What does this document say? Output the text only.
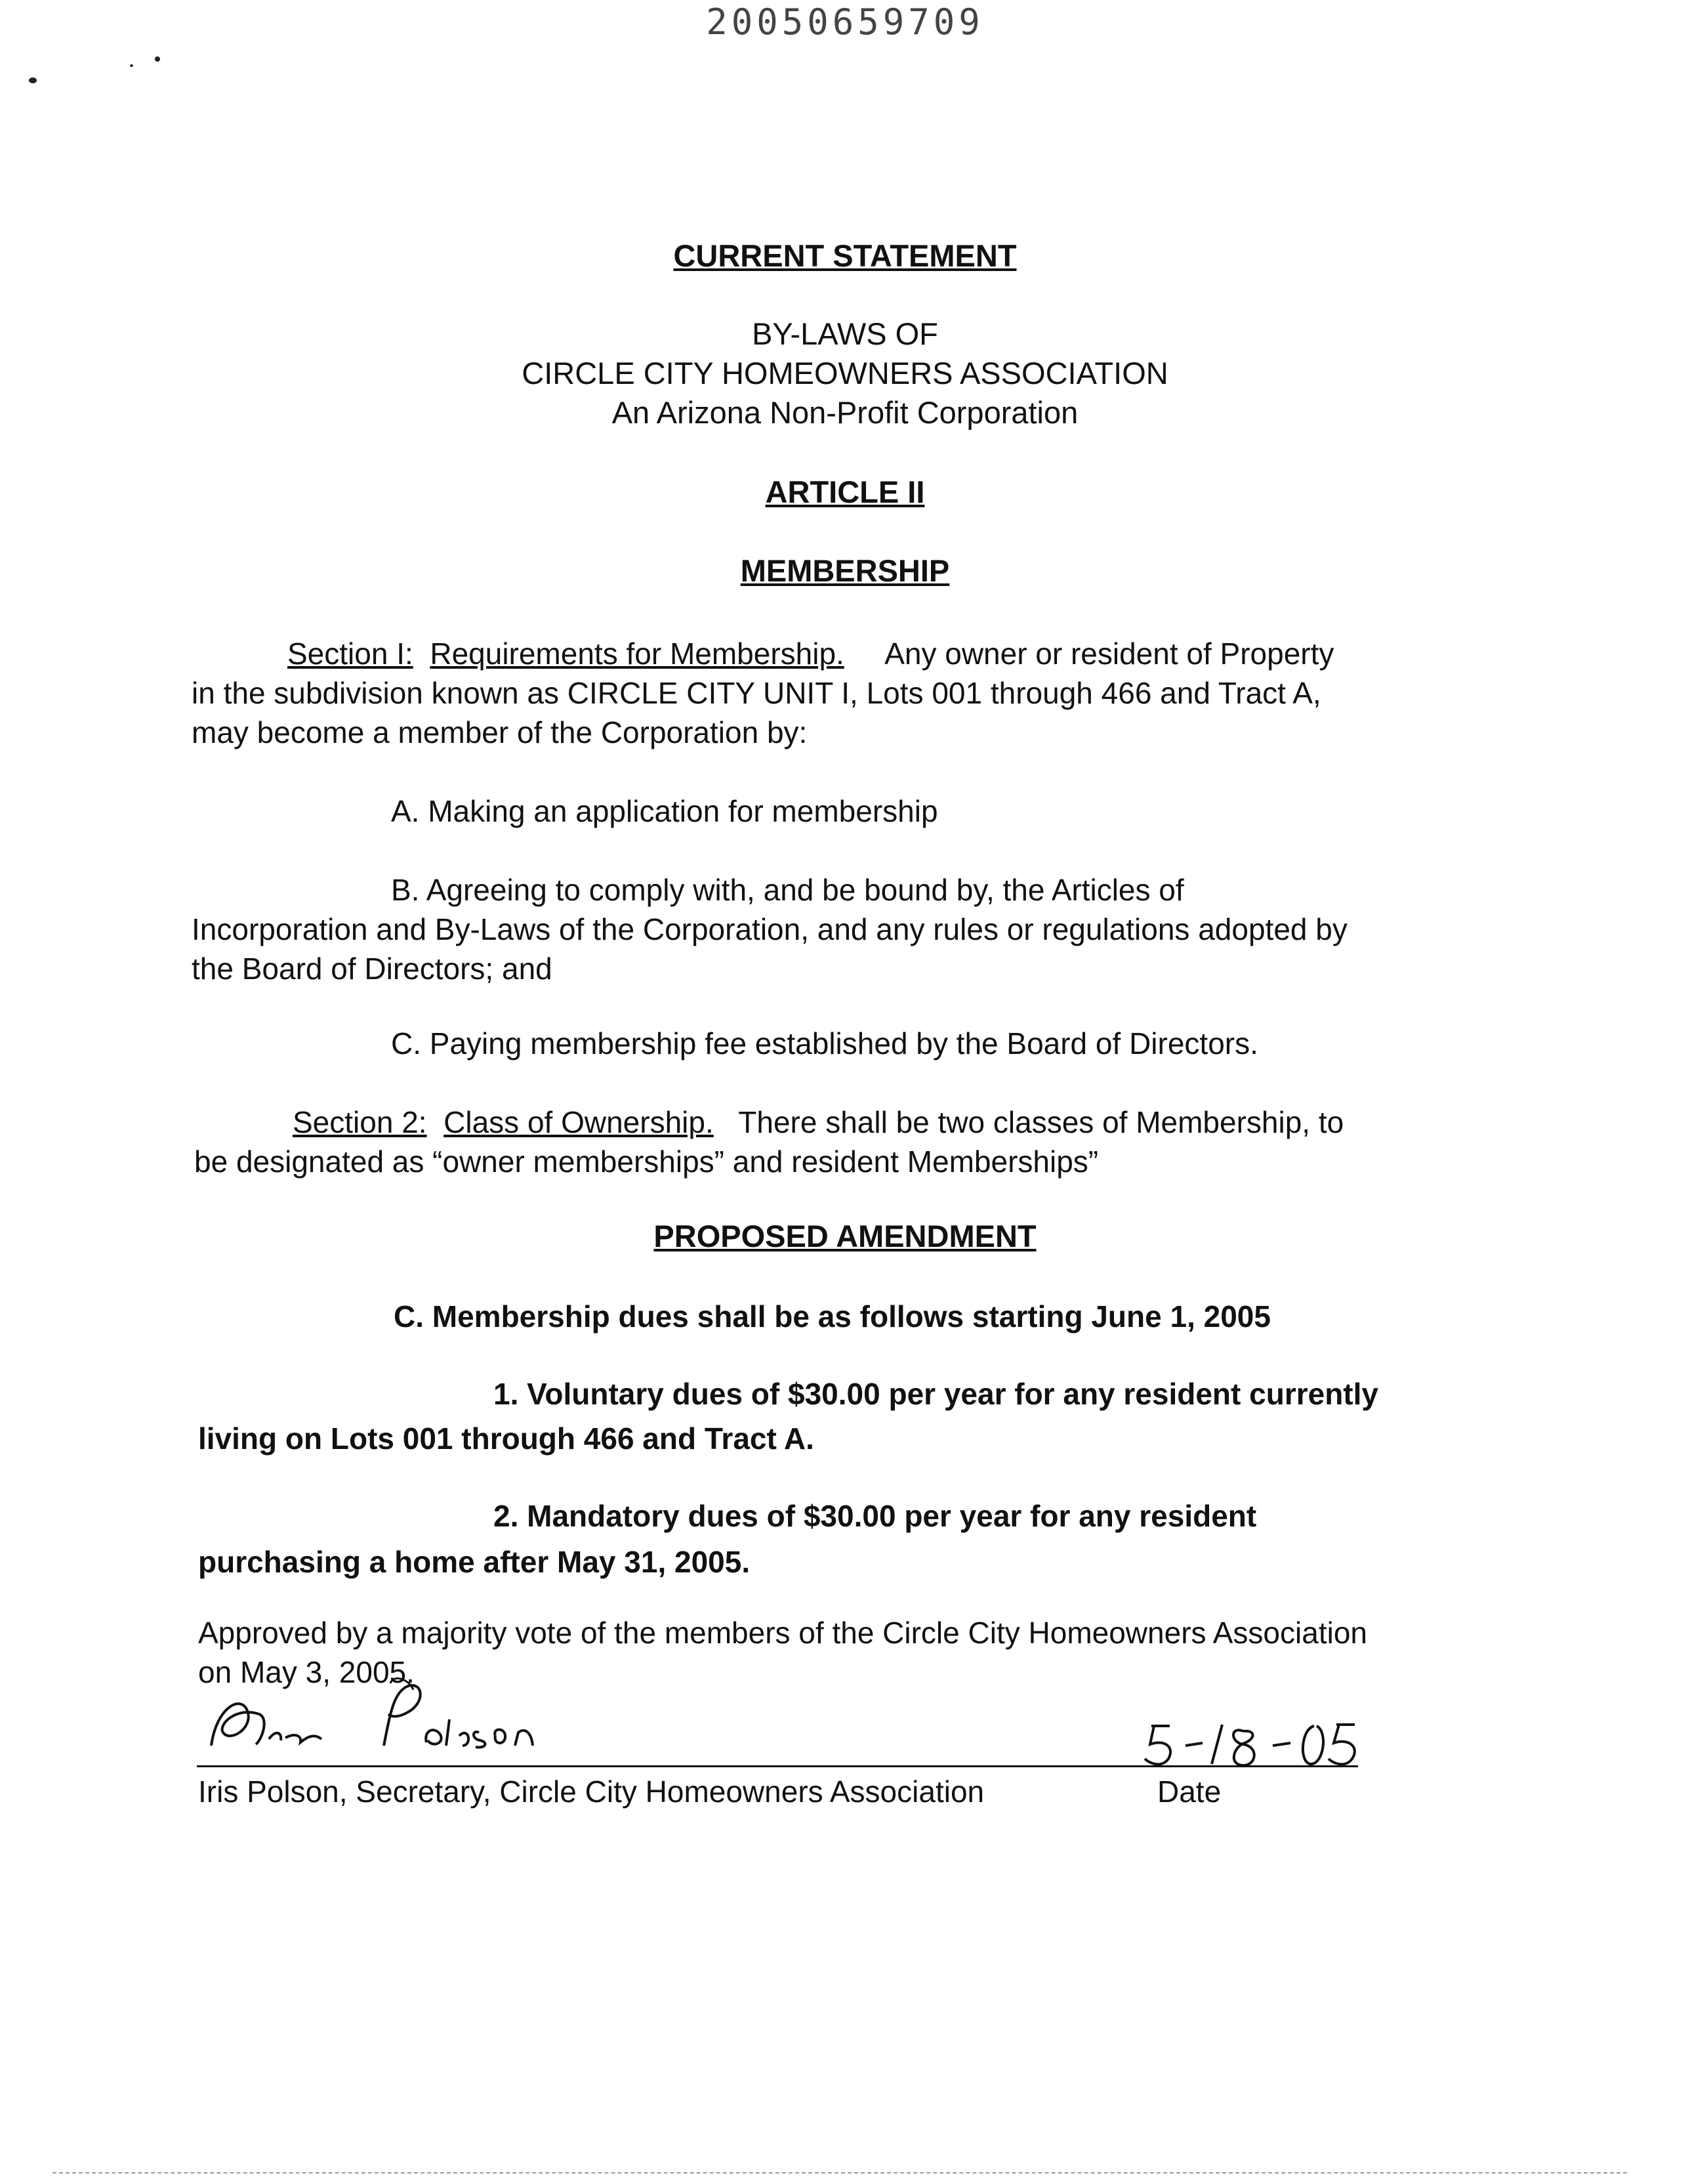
20050659709
CURRENT STATEMENT
BY-LAWS OF
CIRCLE CITY HOMEOWNERS ASSOCIATION
An Arizona Non-Profit Corporation
ARTICLE II
MEMBERSHIP
Section I: Requirements for Membership. Any owner or resident of Property
in the subdivision known as CIRCLE CITY UNIT I, Lots 001 through 466 and Tract A,
may become a member of the Corporation by:
A. Making an application for membership
B. Agreeing to comply with, and be bound by, the Articles of
Incorporation and By-Laws of the Corporation, and any rules or regulations adopted by
the Board of Directors; and
C. Paying membership fee established by the Board of Directors.
Section 2: Class of Ownership. There shall be two classes of Membership, to
be designated as “owner memberships” and resident Memberships”
PROPOSED AMENDMENT
C. Membership dues shall be as follows starting June 1, 2005
1. Voluntary dues of $30.00 per year for any resident currently
living on Lots 001 through 466 and Tract A.
2. Mandatory dues of $30.00 per year for any resident
purchasing a home after May 31, 2005.
Approved by a majority vote of the members of the Circle City Homeowners Association
on May 3, 2005.
Iris Polson, Secretary, Circle City Homeowners Association	Date
